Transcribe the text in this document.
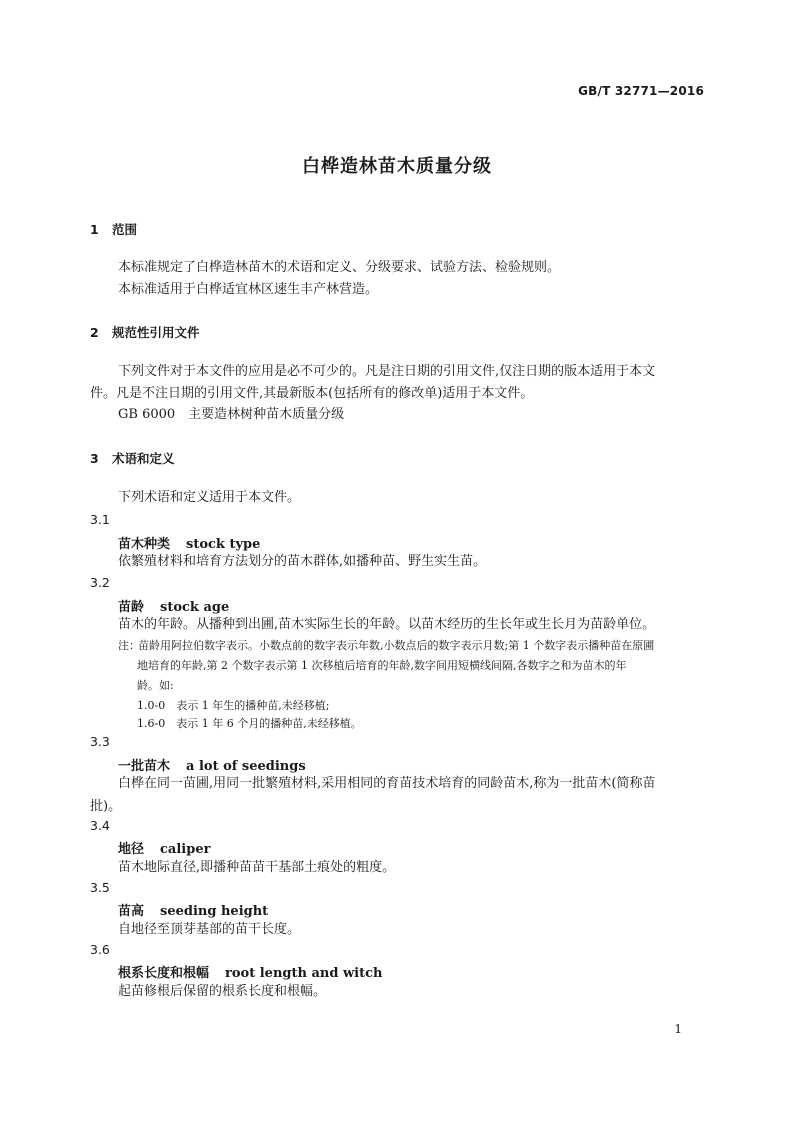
GB/T 32771—2016
白桦造林苗木质量分级
1 范围
本标准规定了白桦造林苗木的术语和定义、分级要求、试验方法、检验规则。
本标准适用于白桦适宜林区速生丰产林营造。
2 规范性引用文件
下列文件对于本文件的应用是必不可少的。凡是注日期的引用文件,仅注日期的版本适用于本文
件。凡是不注日期的引用文件,其最新版本(包括所有的修改单)适用于本文件。
GB 6000　主要造林树种苗木质量分级
3 术语和定义
下列术语和定义适用于本文件。
3.1
苗木种类 stock type
依繁殖材料和培育方法划分的苗木群体,如播种苗、野生实生苗。
3.2
苗龄 stock age
苗木的年龄。从播种到出圃,苗木实际生长的年龄。以苗木经历的生长年或生长月为苗龄单位。
注：苗龄用阿拉伯数字表示。小数点前的数字表示年数,小数点后的数字表示月数;第 1 个数字表示播种苗在原圃
地培育的年龄,第 2 个数字表示第 1 次移植后培育的年龄,数字间用短横线间隔,各数字之和为苗木的年
龄。如:
1.0-0　表示 1 年生的播种苗,未经移植;
1.6-0　表示 1 年 6 个月的播种苗,未经移植。
3.3
一批苗木 a lot of seedings
白桦在同一苗圃,用同一批繁殖材料,采用相同的育苗技术培育的同龄苗木,称为一批苗木(简称苗
批)。
3.4
地径 caliper
苗木地际直径,即播种苗苗干基部土痕处的粗度。
3.5
苗高 seeding height
自地径至顶芽基部的苗干长度。
3.6
根系长度和根幅 root length and witch
起苗修根后保留的根系长度和根幅。
1
